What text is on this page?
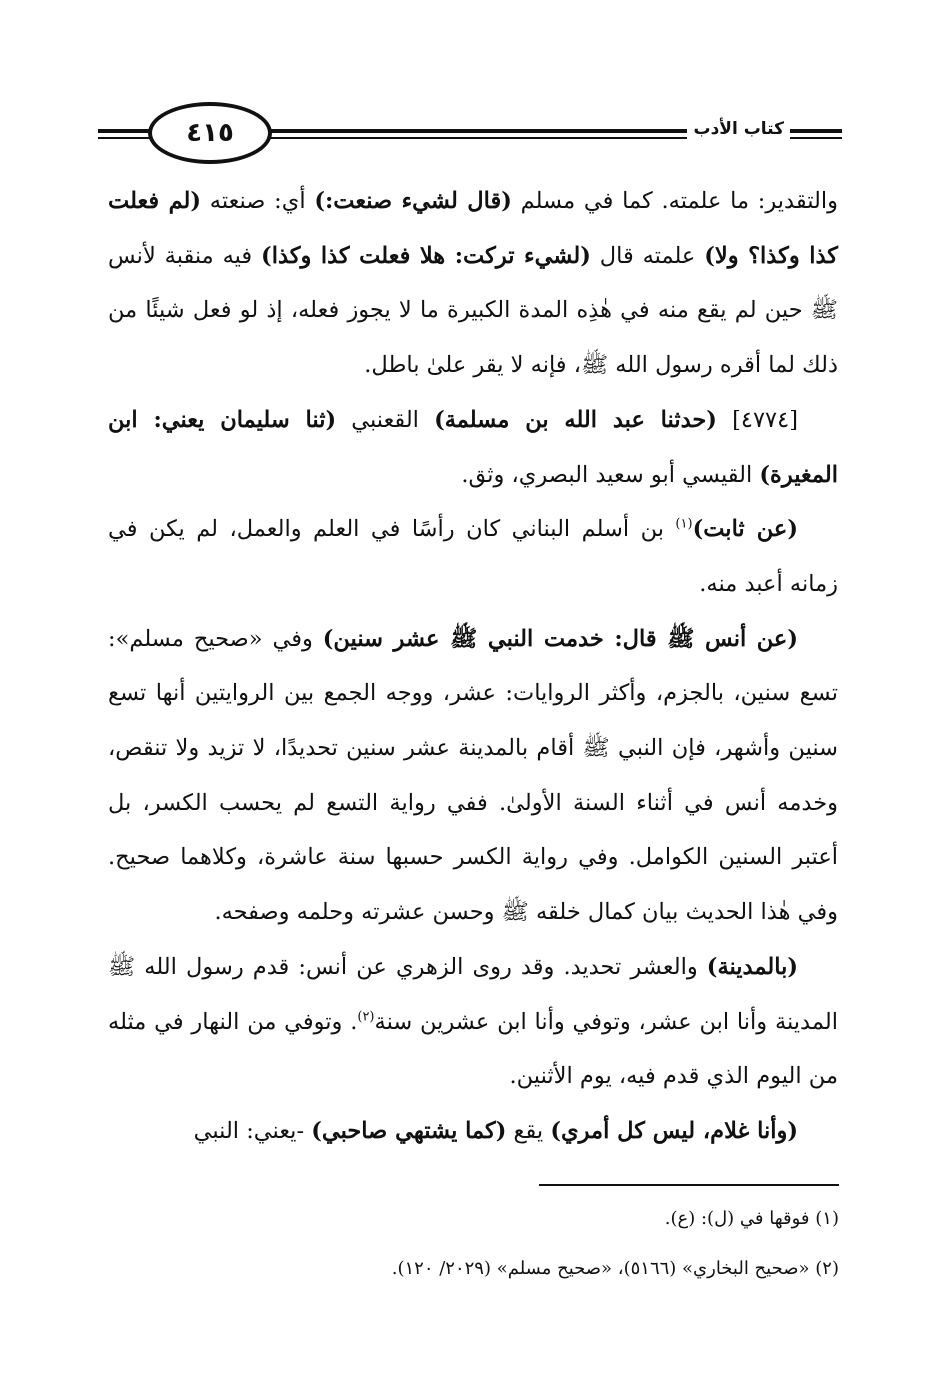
كتاب الأدب
٤١٥

والتقدير: ما علمته. كما في مسلم (قال لشيء صنعت:) أي: صنعته (لم فعلت كذا وكذا؟ ولا) علمته قال (لشيء تركت: هلا فعلت كذا وكذا) فيه منقبة لأنس ﷺ حين لم يقع منه في هٰذِه المدة الكبيرة ما لا يجوز فعله، إذ لو فعل شيئًا من ذلك لما أقره رسول الله ﷺ، فإنه لا يقر علىٰ باطل.

[٤٧٧٤] (حدثنا عبد الله بن مسلمة) القعنبي (ثنا سليمان يعني: ابن المغيرة) القيسي أبو سعيد البصري، وثق.

(عن ثابت)$^{(١)}$ بن أسلم البناني كان رأسًا في العلم والعمل، لم يكن في زمانه أعبد منه.

(عن أنس ﷺ قال: خدمت النبي ﷺ عشر سنين) وفي «صحيح مسلم»: تسع سنين، بالجزم، وأكثر الروايات: عشر، ووجه الجمع بين الروايتين أنها تسع سنين وأشهر، فإن النبي ﷺ أقام بالمدينة عشر سنين تحديدًا، لا تزيد ولا تنقص، وخدمه أنس في أثناء السنة الأولىٰ. ففي رواية التسع لم يحسب الكسر، بل أعتبر السنين الكوامل. وفي رواية الكسر حسبها سنة عاشرة، وكلاهما صحيح. وفي هٰذا الحديث بيان كمال خلقه ﷺ وحسن عشرته وحلمه وصفحه.

(بالمدينة) والعشر تحديد. وقد روى الزهري عن أنس: قدم رسول الله ﷺ المدينة وأنا ابن عشر، وتوفي وأنا ابن عشرين سنة$^{(٢)}$. وتوفي من النهار في مثله من اليوم الذي قدم فيه، يوم الأثنين.

(وأنا غلام، ليس كل أمري) يقع (كما يشتهي صاحبي) -يعني: النبي

(١) فوقها في (ل): (ع).

(٢) «صحيح البخاري» (٥١٦٦)، «صحيح مسلم» (٢٠٢٩/ ١٢٠).
